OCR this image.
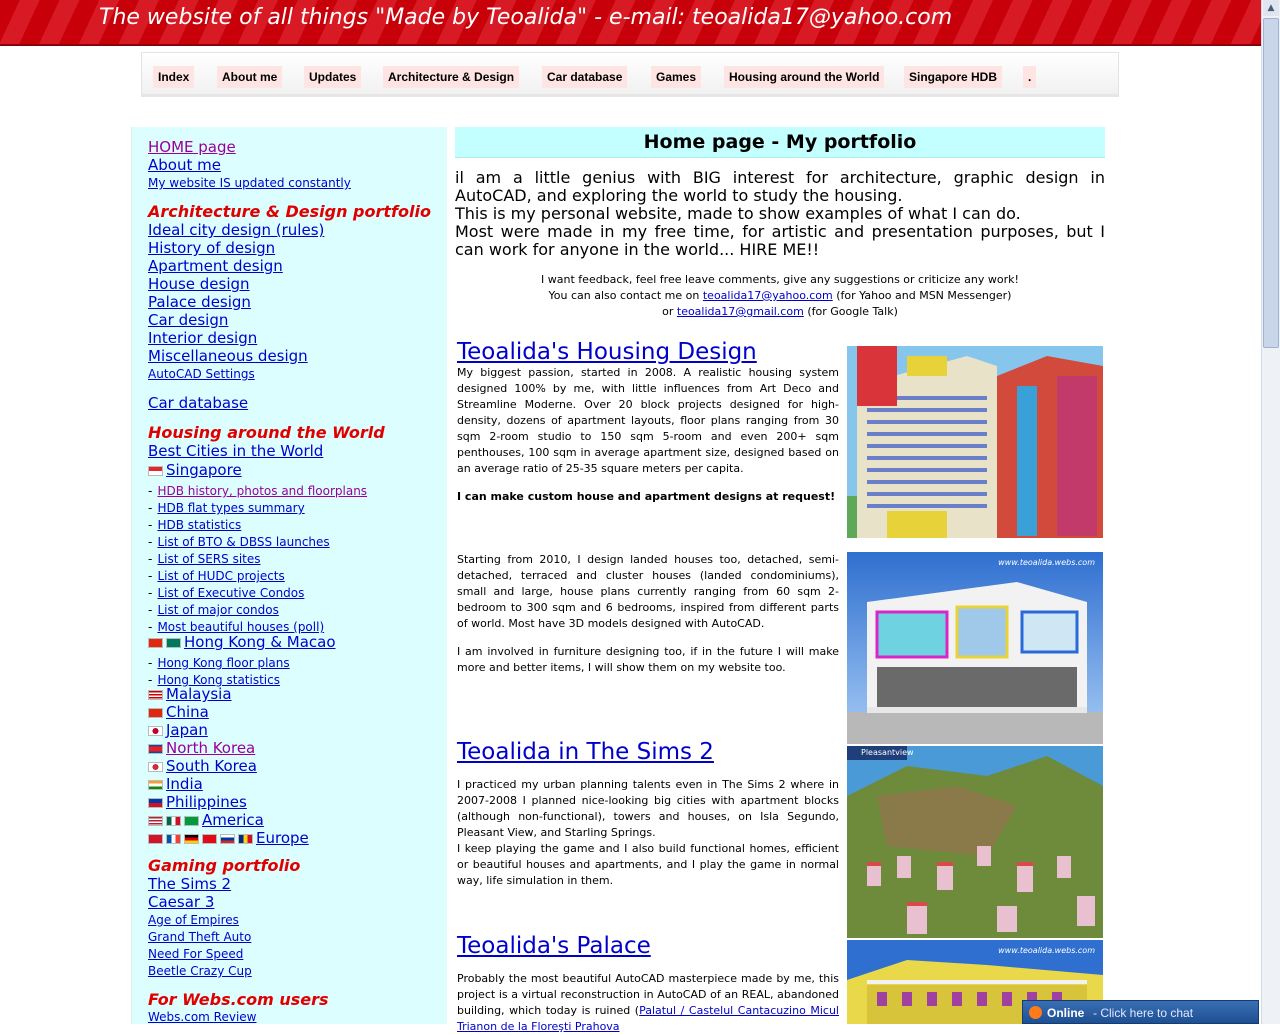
The website of all things "Made by Teoalida" - e-mail: teoalida17@yahoo.com	▲
Index	About me	Updates	Architecture & Design	Car database	Games	Housing around the World	Singapore HDB	.
HOME page
About me
My website IS updated constantly
Architecture & Design portfolio
Ideal city design (rules)
History of design
Apartment design
House design
Palace design
Car design
Interior design
Miscellaneous design
AutoCAD Settings
Car database
Housing around the World
Best Cities in the World
Singapore
- HDB history, photos and floorplans
- HDB flat types summary
- HDB statistics
- List of BTO & DBSS launches
- List of SERS sites
- List of HUDC projects
- List of Executive Condos
- List of major condos
- Most beautiful houses (poll)
Hong Kong & Macao
- Hong Kong floor plans
- Hong Kong statistics
Malaysia
China
Japan
North Korea
South Korea
India
Philippines
America
Europe
Gaming portfolio
The Sims 2
Caesar 3
Age of Empires
Grand Theft Auto
Need For Speed
Beetle Crazy Cup
For Webs.com users
Webs.com Review
Home page - My portfolio
il am a little genius with BIG interest for architecture, graphic design in AutoCAD, and exploring the world to study the housing.
This is my personal website, made to show examples of what I can do.
Most were made in my free time, for artistic and presentation purposes, but I can work for anyone in the world... HIRE ME!!
I want feedback, feel free leave comments, give any suggestions or criticize any work!
You can also contact me on teoalida17@yahoo.com (for Yahoo and MSN Messenger)
or teoalida17@gmail.com (for Google Talk)
Teoalida's Housing Design
My biggest passion, started in 2008. A realistic housing system designed 100% by me, with little influences from Art Deco and Streamline Moderne. Over 20 block projects designed for high-density, dozens of apartment layouts, floor plans ranging from 30 sqm 2-room studio to 150 sqm 5-room and even 200+ sqm penthouses, 100 sqm in average apartment size, designed based on an average ratio of 25-35 square meters per capita.
I can make custom house and apartment designs at request!
Starting from 2010, I design landed houses too, detached, semi-detached, terraced and cluster houses (landed condominiums), small and large, house plans currently ranging from 60 sqm 2-bedroom to 300 sqm and 6 bedrooms, inspired from different parts of world. Most have 3D models designed with AutoCAD.
I am involved in furniture designing too, if in the future I will make more and better items, I will show them on my website too.
www.teoalida.webs.com
Teoalida in The Sims 2
I practiced my urban planning talents even in The Sims 2 where in 2007-2008 I planned nice-looking big cities with apartment blocks (although non-functional), towers and houses, on Isla Segundo, Pleasant View, and Starling Springs.
I keep playing the game and I also build functional homes, efficient or beautiful houses and apartments, and I play the game in normal way, life simulation in them.
Pleasantview
Teoalida's Palace
Probably the most beautiful AutoCAD masterpiece made by me, this project is a virtual reconstruction in AutoCAD of an REAL, abandoned building, which today is ruined (Palatul / Castelul Cantacuzino Micul Trianon de la Floreşti Prahova
www.teoalida.webs.com
Online - Click here to chat
